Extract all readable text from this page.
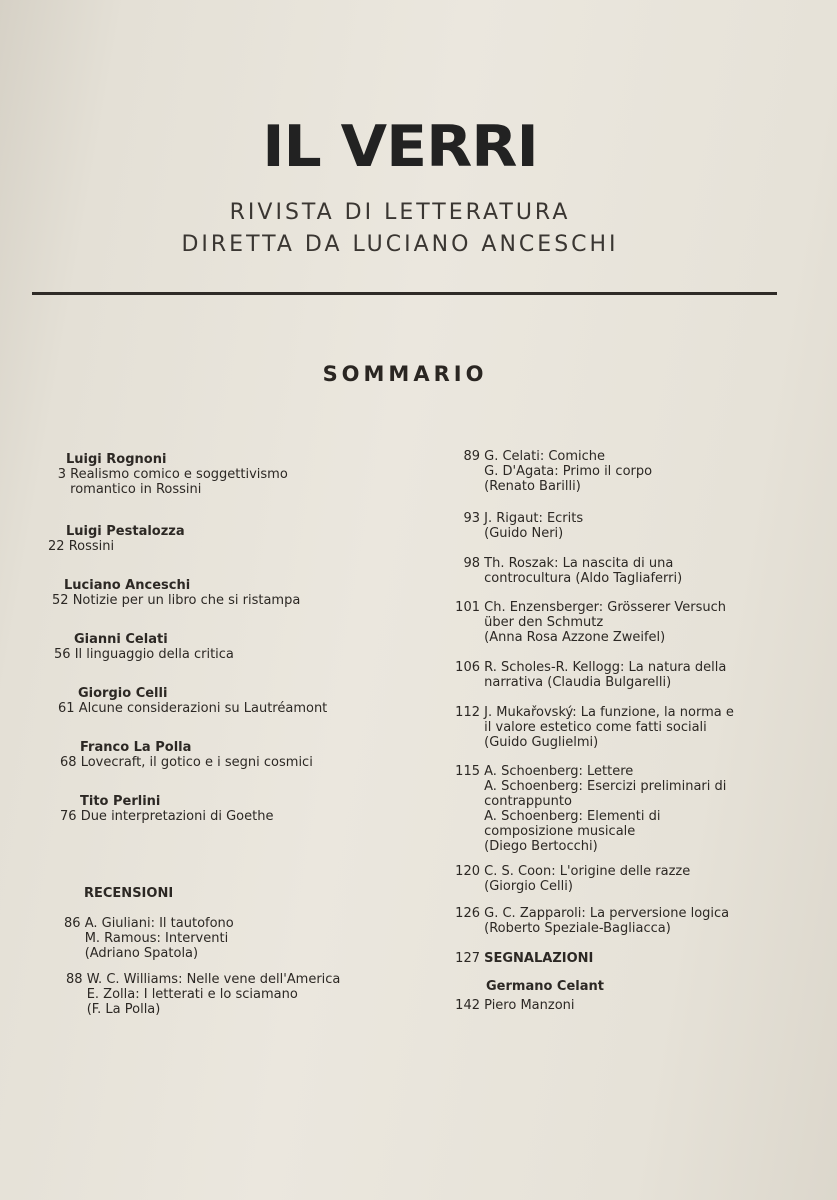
IL VERRI
RIVISTA DI LETTERATURA
DIRETTA DA LUCIANO ANCESCHI
SOMMARIO
Luigi Rognoni
3 Realismo comico e soggettivismo
romantico in Rossini
Luigi Pestalozza
22 Rossini
Luciano Anceschi
52 Notizie per un libro che si ristampa
Gianni Celati
56 Il linguaggio della critica
Giorgio Celli
61 Alcune considerazioni su Lautréamont
Franco La Polla
68 Lovecraft, il gotico e i segni cosmici
Tito Perlini
76 Due interpretazioni di Goethe
RECENSIONI
86 A. Giuliani: Il tautofono
M. Ramous: Interventi
(Adriano Spatola)
88 W. C. Williams: Nelle vene dell'America
E. Zolla: I letterati e lo sciamano
(F. La Polla)
89 G. Celati: Comiche
G. D'Agata: Primo il corpo
(Renato Barilli)
93 J. Rigaut: Ecrits
(Guido Neri)
98 Th. Roszak: La nascita di una
controcultura (Aldo Tagliaferri)
101 Ch. Enzensberger: Grösserer Versuch
über den Schmutz
(Anna Rosa Azzone Zweifel)
106 R. Scholes-R. Kellogg: La natura della
narrativa (Claudia Bulgarelli)
112 J. Mukařovský: La funzione, la norma e
il valore estetico come fatti sociali
(Guido Guglielmi)
115 A. Schoenberg: Lettere
A. Schoenberg: Esercizi preliminari di
contrappunto
A. Schoenberg: Elementi di
composizione musicale
(Diego Bertocchi)
120 C. S. Coon: L'origine delle razze
(Giorgio Celli)
126 G. C. Zapparoli: La perversione logica
(Roberto Speziale-Bagliacca)
127 SEGNALAZIONI
Germano Celant
142 Piero Manzoni
